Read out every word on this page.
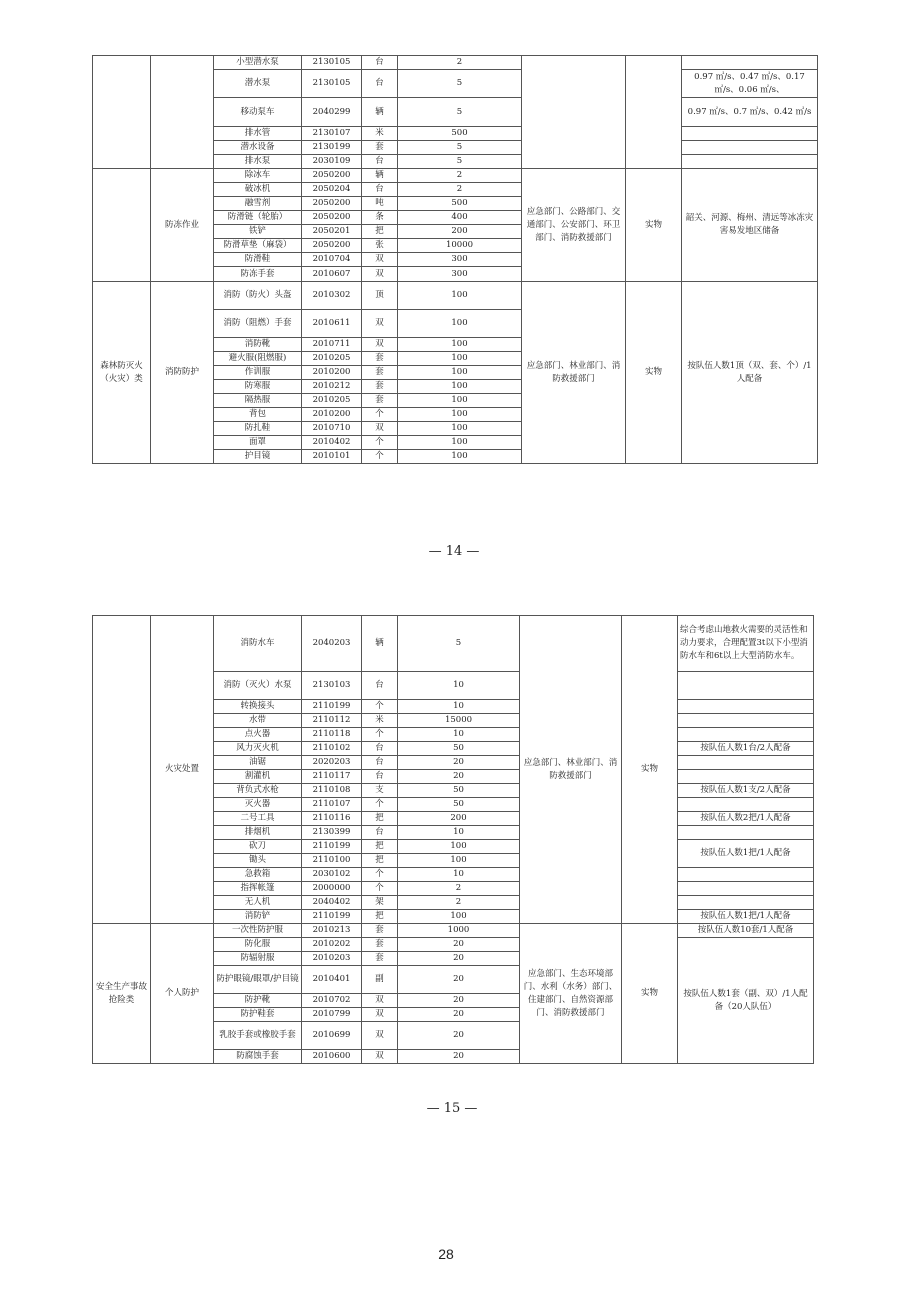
		小型潜水泵	2130105	台	2			
		潜水泵	2130105	台	5			0.97 ㎡/s、0.47 ㎡/s、0.17 ㎡/s、0.06 ㎡/s、
		移动泵车	2040299	辆	5			0.97 ㎡/s、0.7 ㎡/s、0.42 ㎡/s
		排水管	2130107	米	500			
		潜水设备	2130199	套	5			
		排水泵	2030109	台	5			
	防冻作业	除冰车	2050200	辆	2	应急部门、公路部门、交通部门、公安部门、环卫部门、消防救援部门	实物	韶关、河源、梅州、清远等冰冻灾害易发地区储备
		破冰机	2050204	台	2			
		融雪剂	2050200	吨	500			
		防滑链（轮胎）	2050200	条	400			
		铁铲	2050201	把	200			
		防滑草垫（麻袋）	2050200	张	10000			
		防滑鞋	2010704	双	300			
		防冻手套	2010607	双	300			
森林防灭火（火灾）类	消防防护	消防（防火）头盔	2010302	顶	100	应急部门、林业部门、消防救援部门	实物	按队伍人数1顶（双、套、个）/1人配备
		消防（阻燃）手套	2010611	双	100			
		消防靴	2010711	双	100			
		避火服(阻燃服)	2010205	套	100			
		作训服	2010200	套	100			
		防寒服	2010212	套	100			
		隔热服	2010205	套	100			
		背包	2010200	个	100			
		防扎鞋	2010710	双	100			
		面罩	2010402	个	100			
		护目镜	2010101	个	100			
— 14 —
	火灾处置	消防水车	2040203	辆	5	应急部门、林业部门、消防救援部门	实物	综合考虑山地救火需要的灵活性和动力要求，合理配置3t以下小型消防水车和6t以上大型消防水车。
		消防（灭火）水泵	2130103	台	10			
		转换接头	2110199	个	10			
		水带	2110112	米	15000			
		点火器	2110118	个	10			
		风力灭火机	2110102	台	50			按队伍人数1台/2人配备
		油锯	2020203	台	20			
		割灌机	2110117	台	20			
		背负式水枪	2110108	支	50			按队伍人数1支/2人配备
		灭火器	2110107	个	50			
		二号工具	2110116	把	200			按队伍人数2把/1人配备
		排烟机	2130399	台	10			
		砍刀	2110199	把	100			按队伍人数1把/1人配备
		锄头	2110100	把	100			
		急救箱	2030102	个	10			
		指挥帐篷	2000000	个	2			
		无人机	2040402	架	2			
		消防铲	2110199	把	100			按队伍人数1把/1人配备
安全生产事故抢险类	个人防护	一次性防护服	2010213	套	1000	应急部门、生态环境部门、水利（水务）部门、住建部门、自然资源部门、消防救援部门	实物	按队伍人数10套/1人配备
		防化服	2010202	套	20			按队伍人数1套（副、双）/1人配备（20人队伍）
		防辐射服	2010203	套	20			
		防护眼镜/眼罩/护目镜	2010401	副	20			
		防护靴	2010702	双	20			
		防护鞋套	2010799	双	20			
		乳胶手套或橡胶手套	2010699	双	20			
		防腐蚀手套	2010600	双	20			
— 15 —
28
